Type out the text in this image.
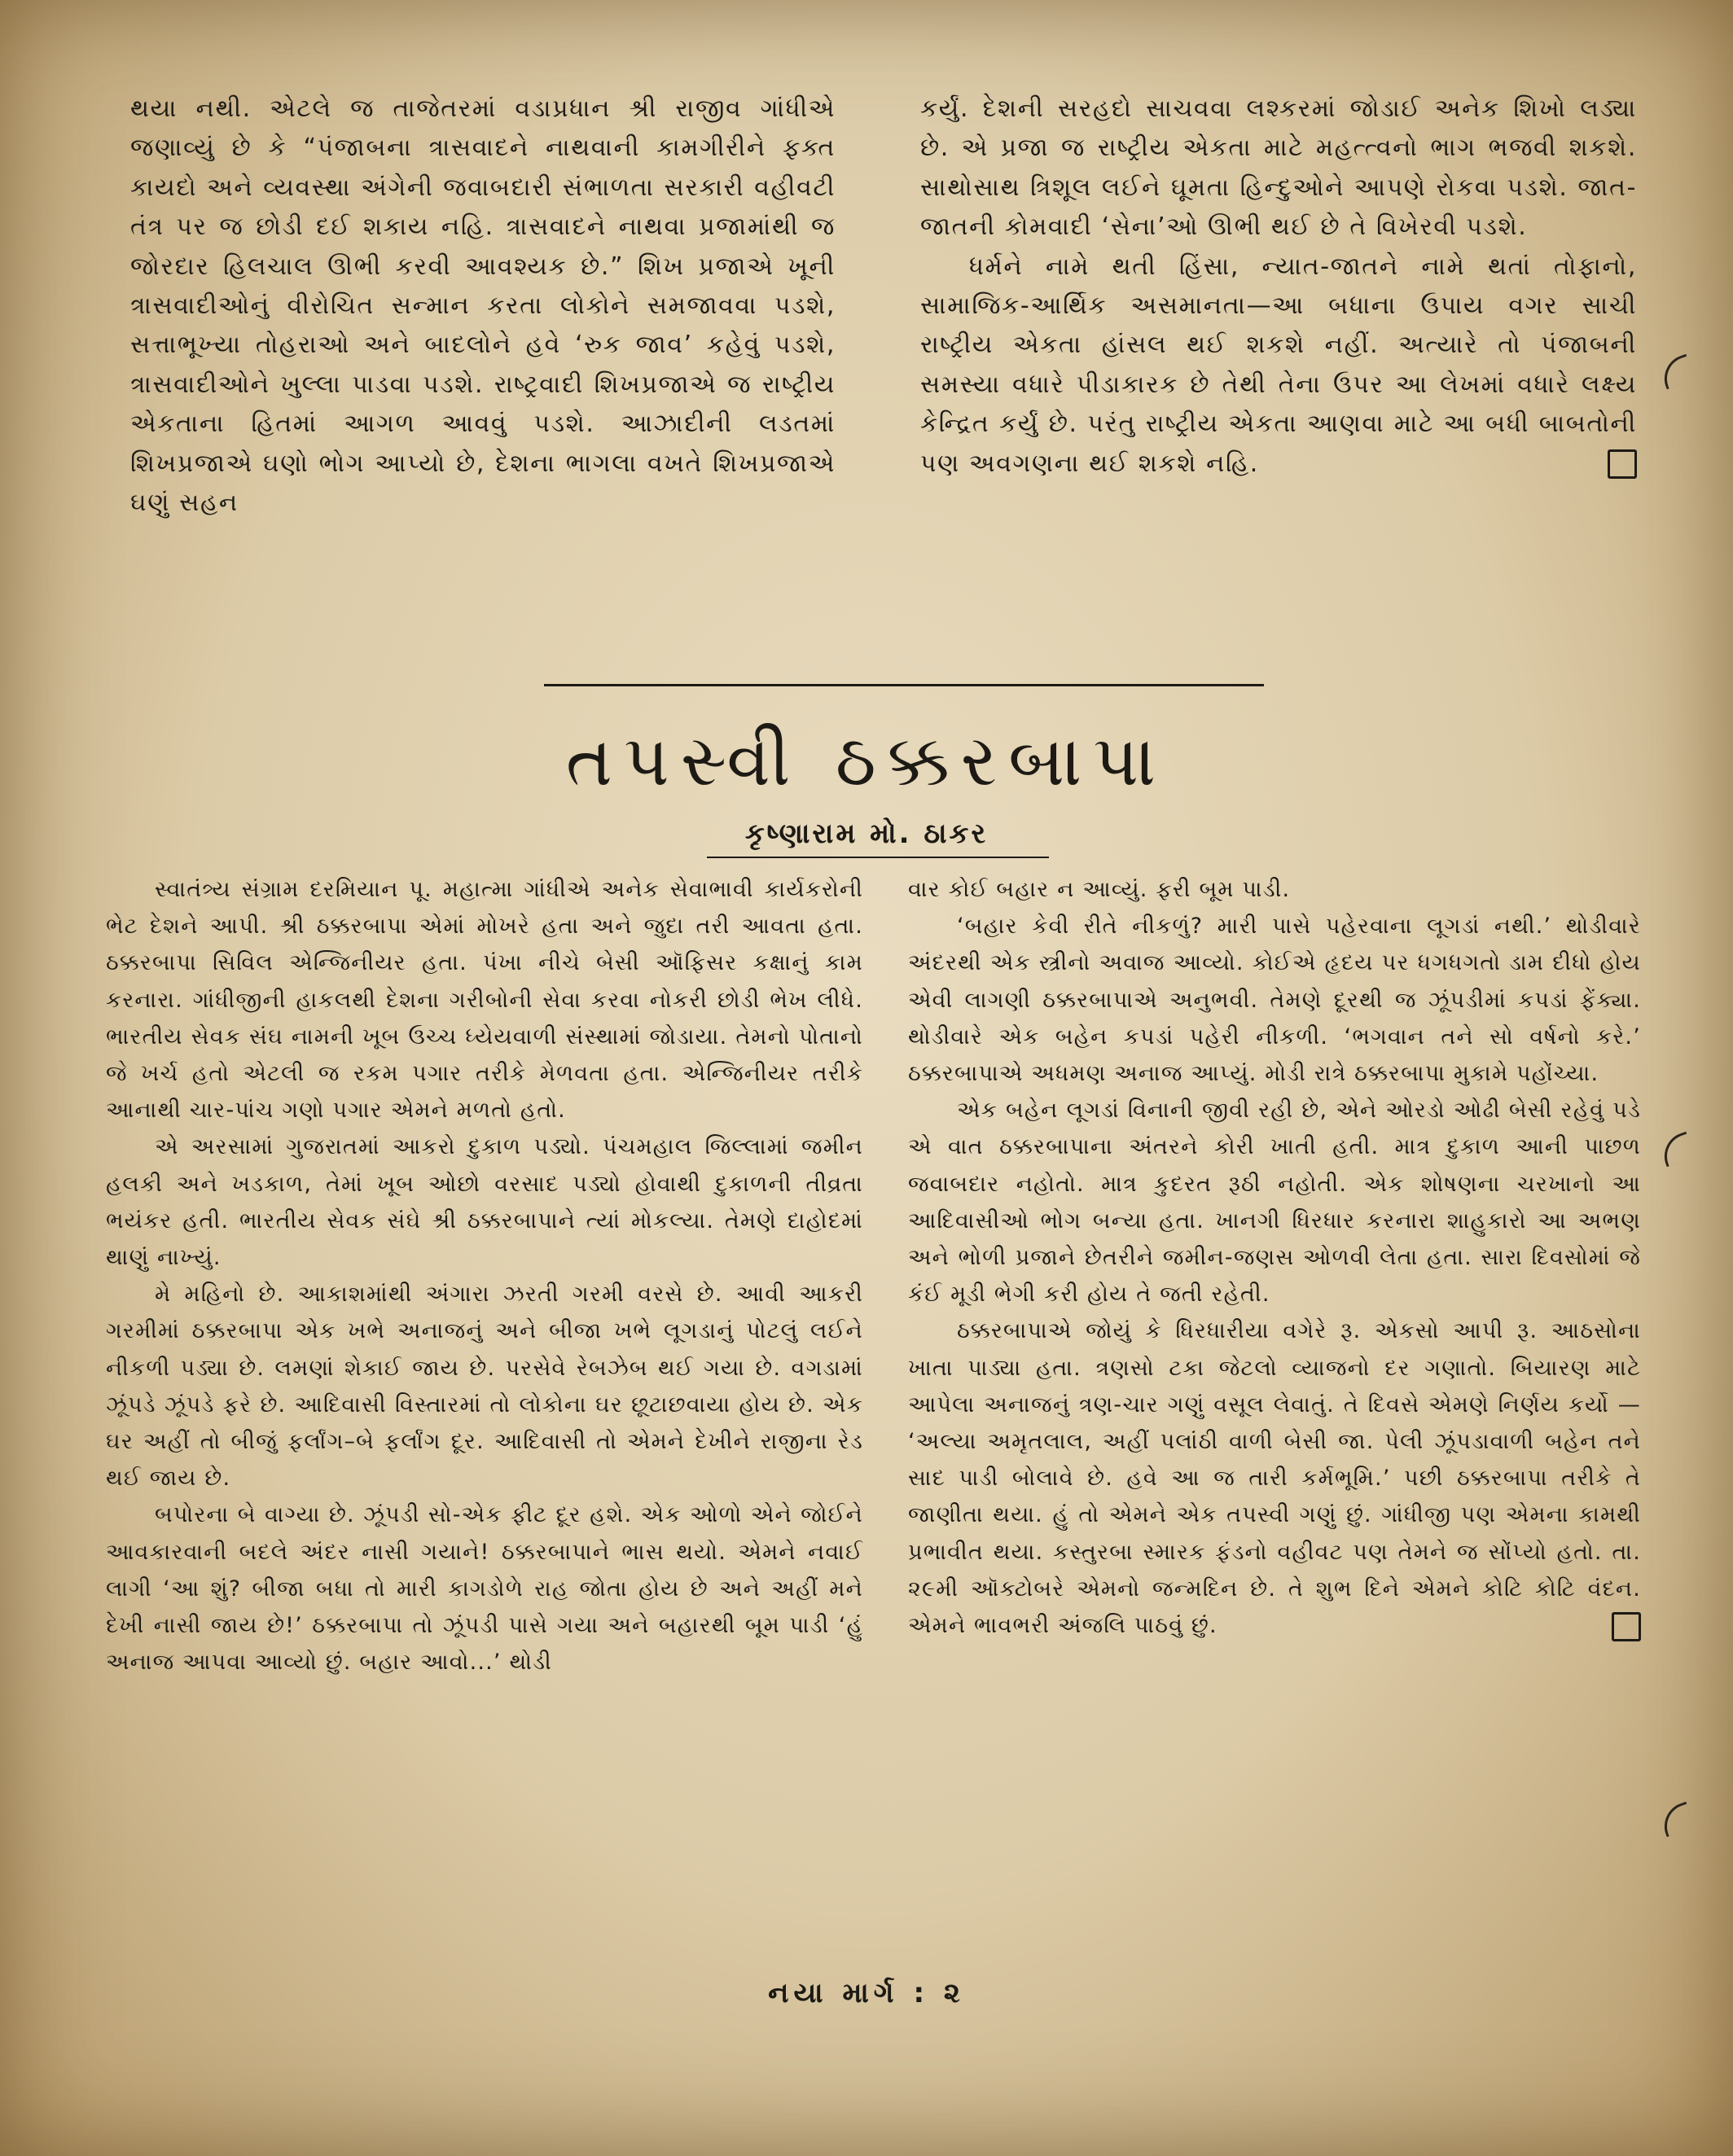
થયા નથી. એટલે જ તાજેતરમાં વડાપ્રધાન શ્રી રાજીવ ગાંધીએ જણાવ્યું છે કે “પંજાબના ત્રાસવાદને નાથવાની કામગીરીને ફક્ત કાયદો અને વ્યવસ્થા અંગેની જવાબદારી સંભાળતા સરકારી વહીવટી તંત્ર પર જ છોડી દઈ શકાય નહિ. ત્રાસવાદને નાથવા પ્રજામાંથી જ જોરદાર હિલચાલ ઊભી કરવી આવશ્યક છે.” શિખ પ્રજાએ ખૂની ત્રાસવાદીઓનું વીરોચિત સન્માન કરતા લોકોને સમજાવવા પડશે, સત્તાભૂખ્યા તોહરાઓ અને બાદલોને હવે ‘રુક જાવ’ કહેવું પડશે, ત્રાસવાદીઓને ખુલ્લા પાડવા પડશે. રાષ્ટ્રવાદી શિખપ્રજાએ જ રાષ્ટ્રીય એકતાના હિતમાં આગળ આવવું પડશે. આઝાદીની લડતમાં શિખપ્રજાએ ઘણો ભોગ આપ્યો છે, દેશના ભાગલા વખતે શિખપ્રજાએ ઘણું સહન

કર્યું. દેશની સરહદો સાચવવા લશ્કરમાં જોડાઈ અનેક શિખો લડ્યા છે. એ પ્રજા જ રાષ્ટ્રીય એકતા માટે મહત્ત્વનો ભાગ ભજવી શકશે. સાથોસાથ ત્રિશૂલ લઈને ઘૂમતા હિન્દુઓને આપણે રોકવા પડશે. જાત-જાતની કોમવાદી ‘સેના’ઓ ઊભી થઈ છે તે વિખેરવી પડશે.

ધર્મને નામે થતી હિંસા, ન્યાત-જાતને નામે થતાં તોફાનો, સામાજિક-આર્થિક અસમાનતા—આ બધાના ઉપાય વગર સાચી રાષ્ટ્રીય એકતા હાંસલ થઈ શકશે નહીં. અત્યારે તો પંજાબની સમસ્યા વધારે પીડાકારક છે તેથી તેના ઉપર આ લેખમાં વધારે લક્ષ્ય કેન્દ્રિત કર્યું છે. પરંતુ રાષ્ટ્રીય એકતા આણવા માટે આ બધી બાબતોની પણ અવગણના થઈ શકશે નહિ.

તપસ્વી ઠક્કરબાપા
કૃષ્ણારામ મો. ઠાકર

સ્વાતંત્ર્ય સંગ્રામ દરમિયાન પૂ. મહાત્મા ગાંધીએ અનેક સેવાભાવી કાર્યકરોની ભેટ દેશને આપી. શ્રી ઠક્કરબાપા એમાં મોખરે હતા અને જુદા તરી આવતા હતા. ઠક્કરબાપા સિવિલ એન્જિનીયર હતા. પંખા નીચે બેસી ઑફિસર કક્ષાનું કામ કરનારા. ગાંધીજીની હાકલથી દેશના ગરીબોની સેવા કરવા નોકરી છોડી ભેખ લીધે. ભારતીય સેવક સંઘ નામની ખૂબ ઉચ્ચ ધ્યેયવાળી સંસ્થામાં જોડાયા. તેમનો પોતાનો જે ખર્ચ હતો એટલી જ રકમ પગાર તરીકે મેળવતા હતા. એન્જિનીયર તરીકે આનાથી ચાર-પાંચ ગણો પગાર એમને મળતો હતો.

એ અરસામાં ગુજરાતમાં આકરો દુકાળ પડ્યો. પંચમહાલ જિલ્લામાં જમીન હલકી અને ખડકાળ, તેમાં ખૂબ ઓછો વરસાદ પડ્યો હોવાથી દુકાળની તીવ્રતા ભયંકર હતી. ભારતીય સેવક સંઘે શ્રી ઠક્કરબાપાને ત્યાં મોકલ્યા. તેમણે દાહોદમાં થાણું નાખ્યું.

મે મહિનો છે. આકાશમાંથી અંગારા ઝરતી ગરમી વરસે છે. આવી આકરી ગરમીમાં ઠક્કરબાપા એક ખભે અનાજનું અને બીજા ખભે લૂગડાનું પોટલું લઈને નીકળી પડ્યા છે. લમણાં શેકાઈ જાય છે. પરસેવે રેબઝેબ થઈ ગયા છે. વગડામાં ઝૂંપડે ઝૂંપડે ફરે છે. આદિવાસી વિસ્તારમાં તો લોકોના ઘર છૂટાછવાયા હોય છે. એક ઘર અહીં તો બીજું ફર્લાંગ–બે ફર્લાંગ દૂર. આદિવાસી તો એમને દેખીને રાજીના રેડ થઈ જાય છે.

બપોરના બે વાગ્યા છે. ઝૂંપડી સો-એક ફીટ દૂર હશે. એક ઓળો એને જોઈને આવકારવાની બદલે અંદર નાસી ગયાને! ઠક્કરબાપાને ભાસ થયો. એમને નવાઈ લાગી ‘આ શું? બીજા બધા તો મારી કાગડોળે રાહ જોતા હોય છે અને અહીં મને દેખી નાસી જાય છે!’ ઠક્કરબાપા તો ઝૂંપડી પાસે ગયા અને બહારથી બૂમ પાડી ‘હું અનાજ આપવા આવ્યો છું. બહાર આવો...’ થોડી

વાર કોઈ બહાર ન આવ્યું. ફરી બૂમ પાડી.

‘બહાર કેવી રીતે નીકળું? મારી પાસે પહેરવાના લૂગડાં નથી.’ થોડીવારે અંદરથી એક સ્ત્રીનો અવાજ આવ્યો. કોઈએ હૃદય પર ધગધગતો ડામ દીધો હોય એવી લાગણી ઠક્કરબાપાએ અનુભવી. તેમણે દૂરથી જ ઝૂંપડીમાં કપડાં ફેંક્યા. થોડીવારે એક બહેન કપડાં પહેરી નીકળી. ‘ભગવાન તને સો વર્ષનો કરે.’ ઠક્કરબાપાએ અધમણ અનાજ આપ્યું. મોડી રાત્રે ઠક્કરબાપા મુકામે પહોંચ્યા.

એક બહેન લૂગડાં વિનાની જીવી રહી છે, એને ઓરડો ઓઢી બેસી રહેવું પડે એ વાત ઠક્કરબાપાના અંતરને કોરી ખાતી હતી. માત્ર દુકાળ આની પાછળ જવાબદાર નહોતો. માત્ર કુદરત રૂઠી નહોતી. એક શોષણના ચરખાનો આ આદિવાસીઓ ભોગ બન્યા હતા. ખાનગી ધિરધાર કરનારા શાહુકારો આ અભણ અને ભોળી પ્રજાને છેતરીને જમીન-જણસ ઓળવી લેતા હતા. સારા દિવસોમાં જે કંઈ મૂડી ભેગી કરી હોય તે જતી રહેતી.

ઠક્કરબાપાએ જોયું કે ધિરધારીયા વગેરે રૂ. એકસો આપી રૂ. આઠસોના ખાતા પાડ્યા હતા. ત્રણસો ટકા જેટલો વ્યાજનો દર ગણાતો. બિયારણ માટે આપેલા અનાજનું ત્રણ-ચાર ગણું વસૂલ લેવાતું. તે દિવસે એમણે નિર્ણય કર્યો — ‘અલ્યા અમૃતલાલ, અહીં પલાંઠી વાળી બેસી જા. પેલી ઝૂંપડાવાળી બહેન તને સાદ પાડી બોલાવે છે. હવે આ જ તારી કર્મભૂમિ.’ પછી ઠક્કરબાપા તરીકે તે જાણીતા થયા. હું તો એમને એક તપસ્વી ગણું છું. ગાંધીજી પણ એમના કામથી પ્રભાવીત થયા. કસ્તુરબા સ્મારક ફંડનો વહીવટ પણ તેમને જ સોંપ્યો હતો. તા. ૨૯મી ઑક્ટોબરે એમનો જન્મદિન છે. તે શુભ દિને એમને કોટિ કોટિ વંદન. એમને ભાવભરી અંજલિ પાઠવું છું.

નયા માર્ગ : ૨
